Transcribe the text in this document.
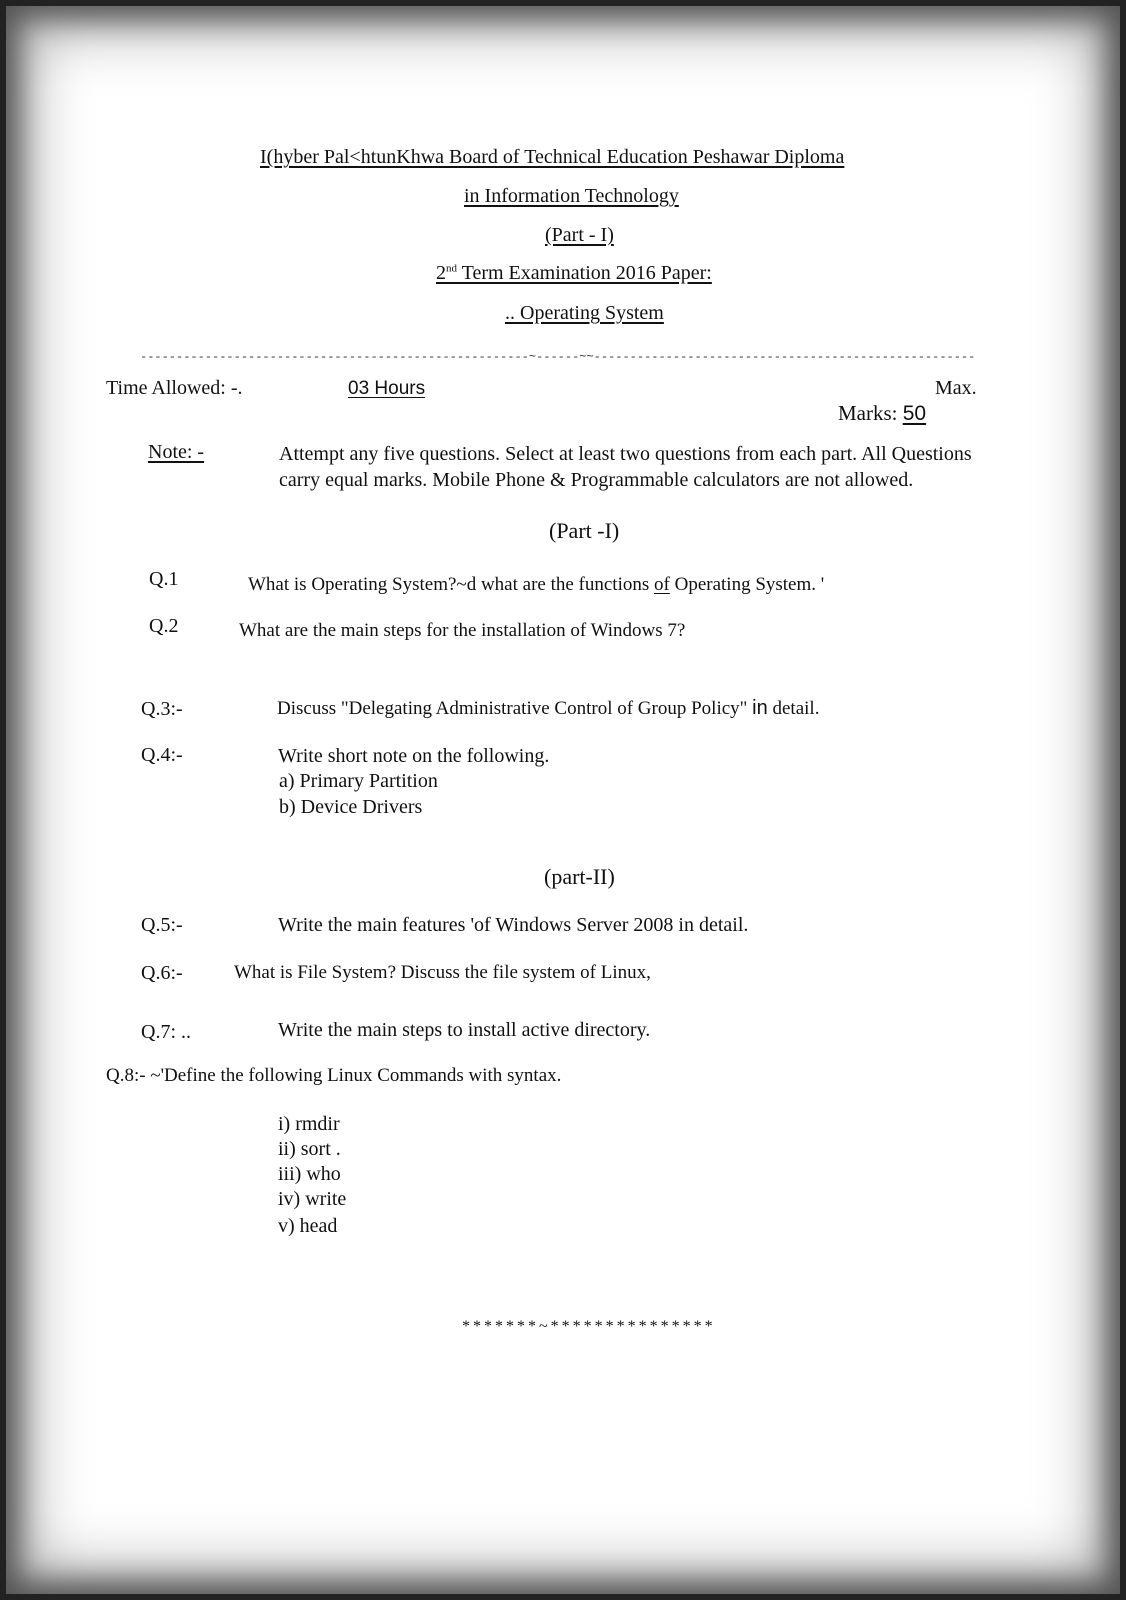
I(hyber Pal<htunKhwa Board of Technical Education Peshawar Diploma
in Information Technology
(Part - I)
2nd Term Examination 2016 Paper:
.. Operating System
------------------------------------------------------~------~~-----------------------------------------------------
Time Allowed: -.	03 Hours	Max.
Marks: 50
Note: -	Attempt any five questions. Select at least two questions from each part. All Questions carry equal marks. Mobile Phone & Programmable calculators are not allowed.
(Part -I)
Q.1	What is Operating System?~d what are the functions of Operating System. '
Q.2	What are the main steps for the installation of Windows 7?
Q.3:-	Discuss "Delegating Administrative Control of Group Policy" in detail.
Q.4:-	Write short note on the following.
a) Primary Partition
b) Device Drivers
(part-II)
Q.5:-	Write the main features 'of Windows Server 2008 in detail.
Q.6:-	What is File System? Discuss the file system of Linux,
Q.7: ..	Write the main steps to install active directory.
Q.8:- ~'Define the following Linux Commands with syntax.
i) rmdir
ii) sort .
iii) who
iv) write
v) head
*******~***************
